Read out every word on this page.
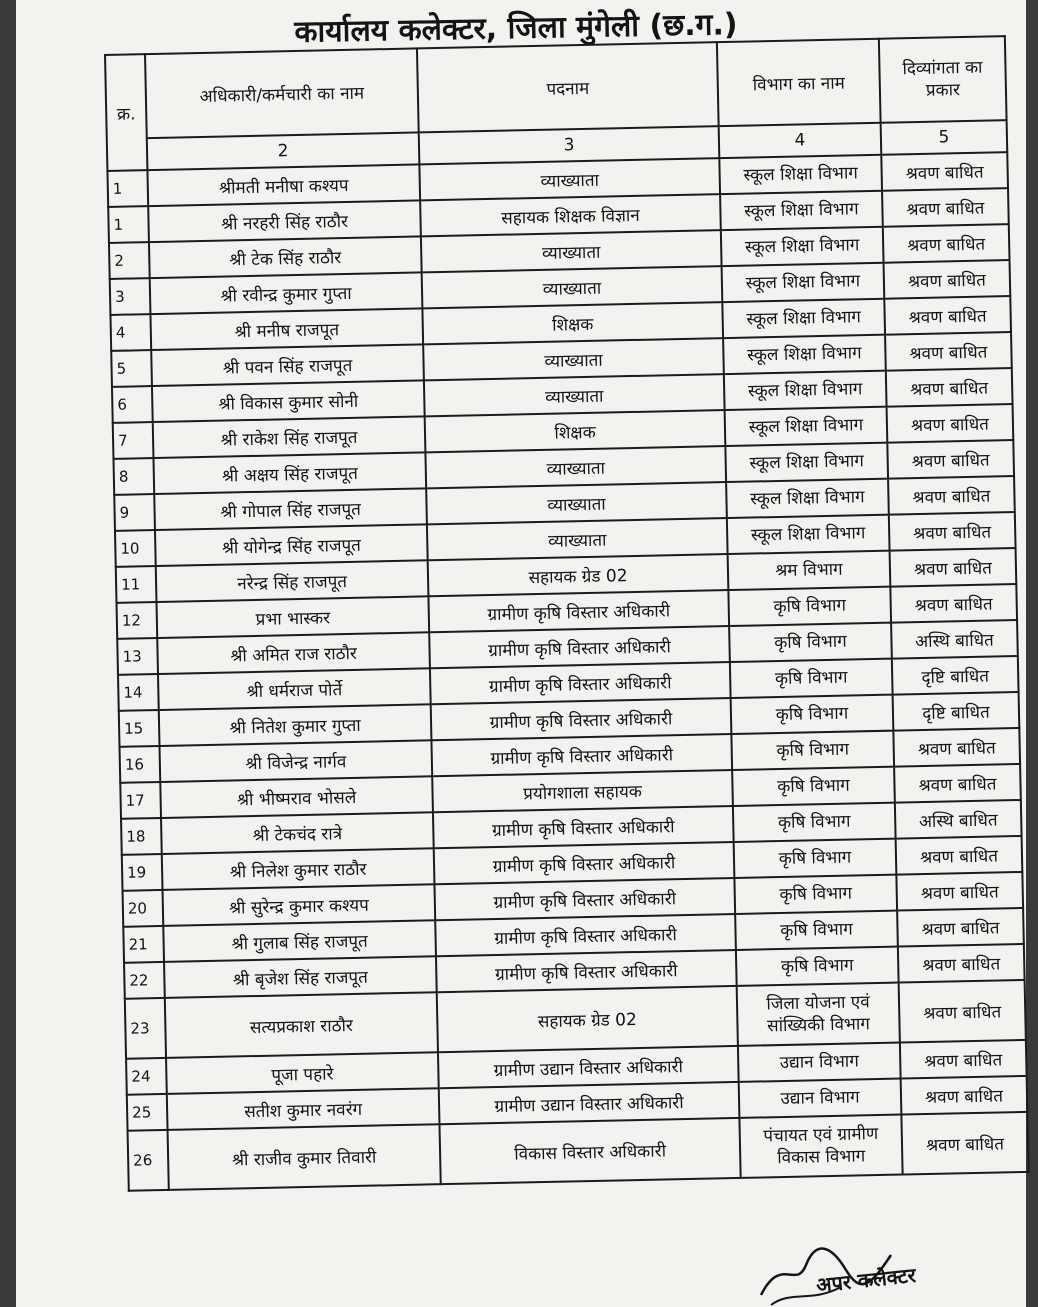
कार्यालय कलेक्टर, जिला मुंगेली (छ.ग.)
क्र.	अधिकारी/कर्मचारी का नाम	पदनाम	विभाग का नाम	दिव्यांगता का प्रकार
	2	3	4	5
1	श्रीमती मनीषा कश्यप	व्याख्याता	स्कूल शिक्षा विभाग	श्रवण बाधित
1	श्री नरहरी सिंह राठौर	सहायक शिक्षक विज्ञान	स्कूल शिक्षा विभाग	श्रवण बाधित
2	श्री टेक सिंह राठौर	व्याख्याता	स्कूल शिक्षा विभाग	श्रवण बाधित
3	श्री रवीन्द्र कुमार गुप्ता	व्याख्याता	स्कूल शिक्षा विभाग	श्रवण बाधित
4	श्री मनीष राजपूत	शिक्षक	स्कूल शिक्षा विभाग	श्रवण बाधित
5	श्री पवन सिंह राजपूत	व्याख्याता	स्कूल शिक्षा विभाग	श्रवण बाधित
6	श्री विकास कुमार सोनी	व्याख्याता	स्कूल शिक्षा विभाग	श्रवण बाधित
7	श्री राकेश सिंह राजपूत	शिक्षक	स्कूल शिक्षा विभाग	श्रवण बाधित
8	श्री अक्षय सिंह राजपूत	व्याख्याता	स्कूल शिक्षा विभाग	श्रवण बाधित
9	श्री गोपाल सिंह राजपूत	व्याख्याता	स्कूल शिक्षा विभाग	श्रवण बाधित
10	श्री योगेन्द्र सिंह राजपूत	व्याख्याता	स्कूल शिक्षा विभाग	श्रवण बाधित
11	नरेन्द्र सिंह राजपूत	सहायक ग्रेड 02	श्रम विभाग	श्रवण बाधित
12	प्रभा भास्कर	ग्रामीण कृषि विस्तार अधिकारी	कृषि विभाग	श्रवण बाधित
13	श्री अमित राज राठौर	ग्रामीण कृषि विस्तार अधिकारी	कृषि विभाग	अस्थि बाधित
14	श्री धर्मराज पोर्ते	ग्रामीण कृषि विस्तार अधिकारी	कृषि विभाग	दृष्टि बाधित
15	श्री नितेश कुमार गुप्ता	ग्रामीण कृषि विस्तार अधिकारी	कृषि विभाग	दृष्टि बाधित
16	श्री विजेन्द्र नार्गव	ग्रामीण कृषि विस्तार अधिकारी	कृषि विभाग	श्रवण बाधित
17	श्री भीष्मराव भोसले	प्रयोगशाला सहायक	कृषि विभाग	श्रवण बाधित
18	श्री टेकचंद रात्रे	ग्रामीण कृषि विस्तार अधिकारी	कृषि विभाग	अस्थि बाधित
19	श्री निलेश कुमार राठौर	ग्रामीण कृषि विस्तार अधिकारी	कृषि विभाग	श्रवण बाधित
20	श्री सुरेन्द्र कुमार कश्यप	ग्रामीण कृषि विस्तार अधिकारी	कृषि विभाग	श्रवण बाधित
21	श्री गुलाब सिंह राजपूत	ग्रामीण कृषि विस्तार अधिकारी	कृषि विभाग	श्रवण बाधित
22	श्री बृजेश सिंह राजपूत	ग्रामीण कृषि विस्तार अधिकारी	कृषि विभाग	श्रवण बाधित
23	सत्यप्रकाश राठौर	सहायक ग्रेड 02	जिला योजना एवं सांख्यिकी विभाग	श्रवण बाधित
24	पूजा पहारे	ग्रामीण उद्यान विस्तार अधिकारी	उद्यान विभाग	श्रवण बाधित
25	सतीश कुमार नवरंग	ग्रामीण उद्यान विस्तार अधिकारी	उद्यान विभाग	श्रवण बाधित
26	श्री राजीव कुमार तिवारी	विकास विस्तार अधिकारी	पंचायत एवं ग्रामीण विकास विभाग	श्रवण बाधित
अपर कलेक्टर
